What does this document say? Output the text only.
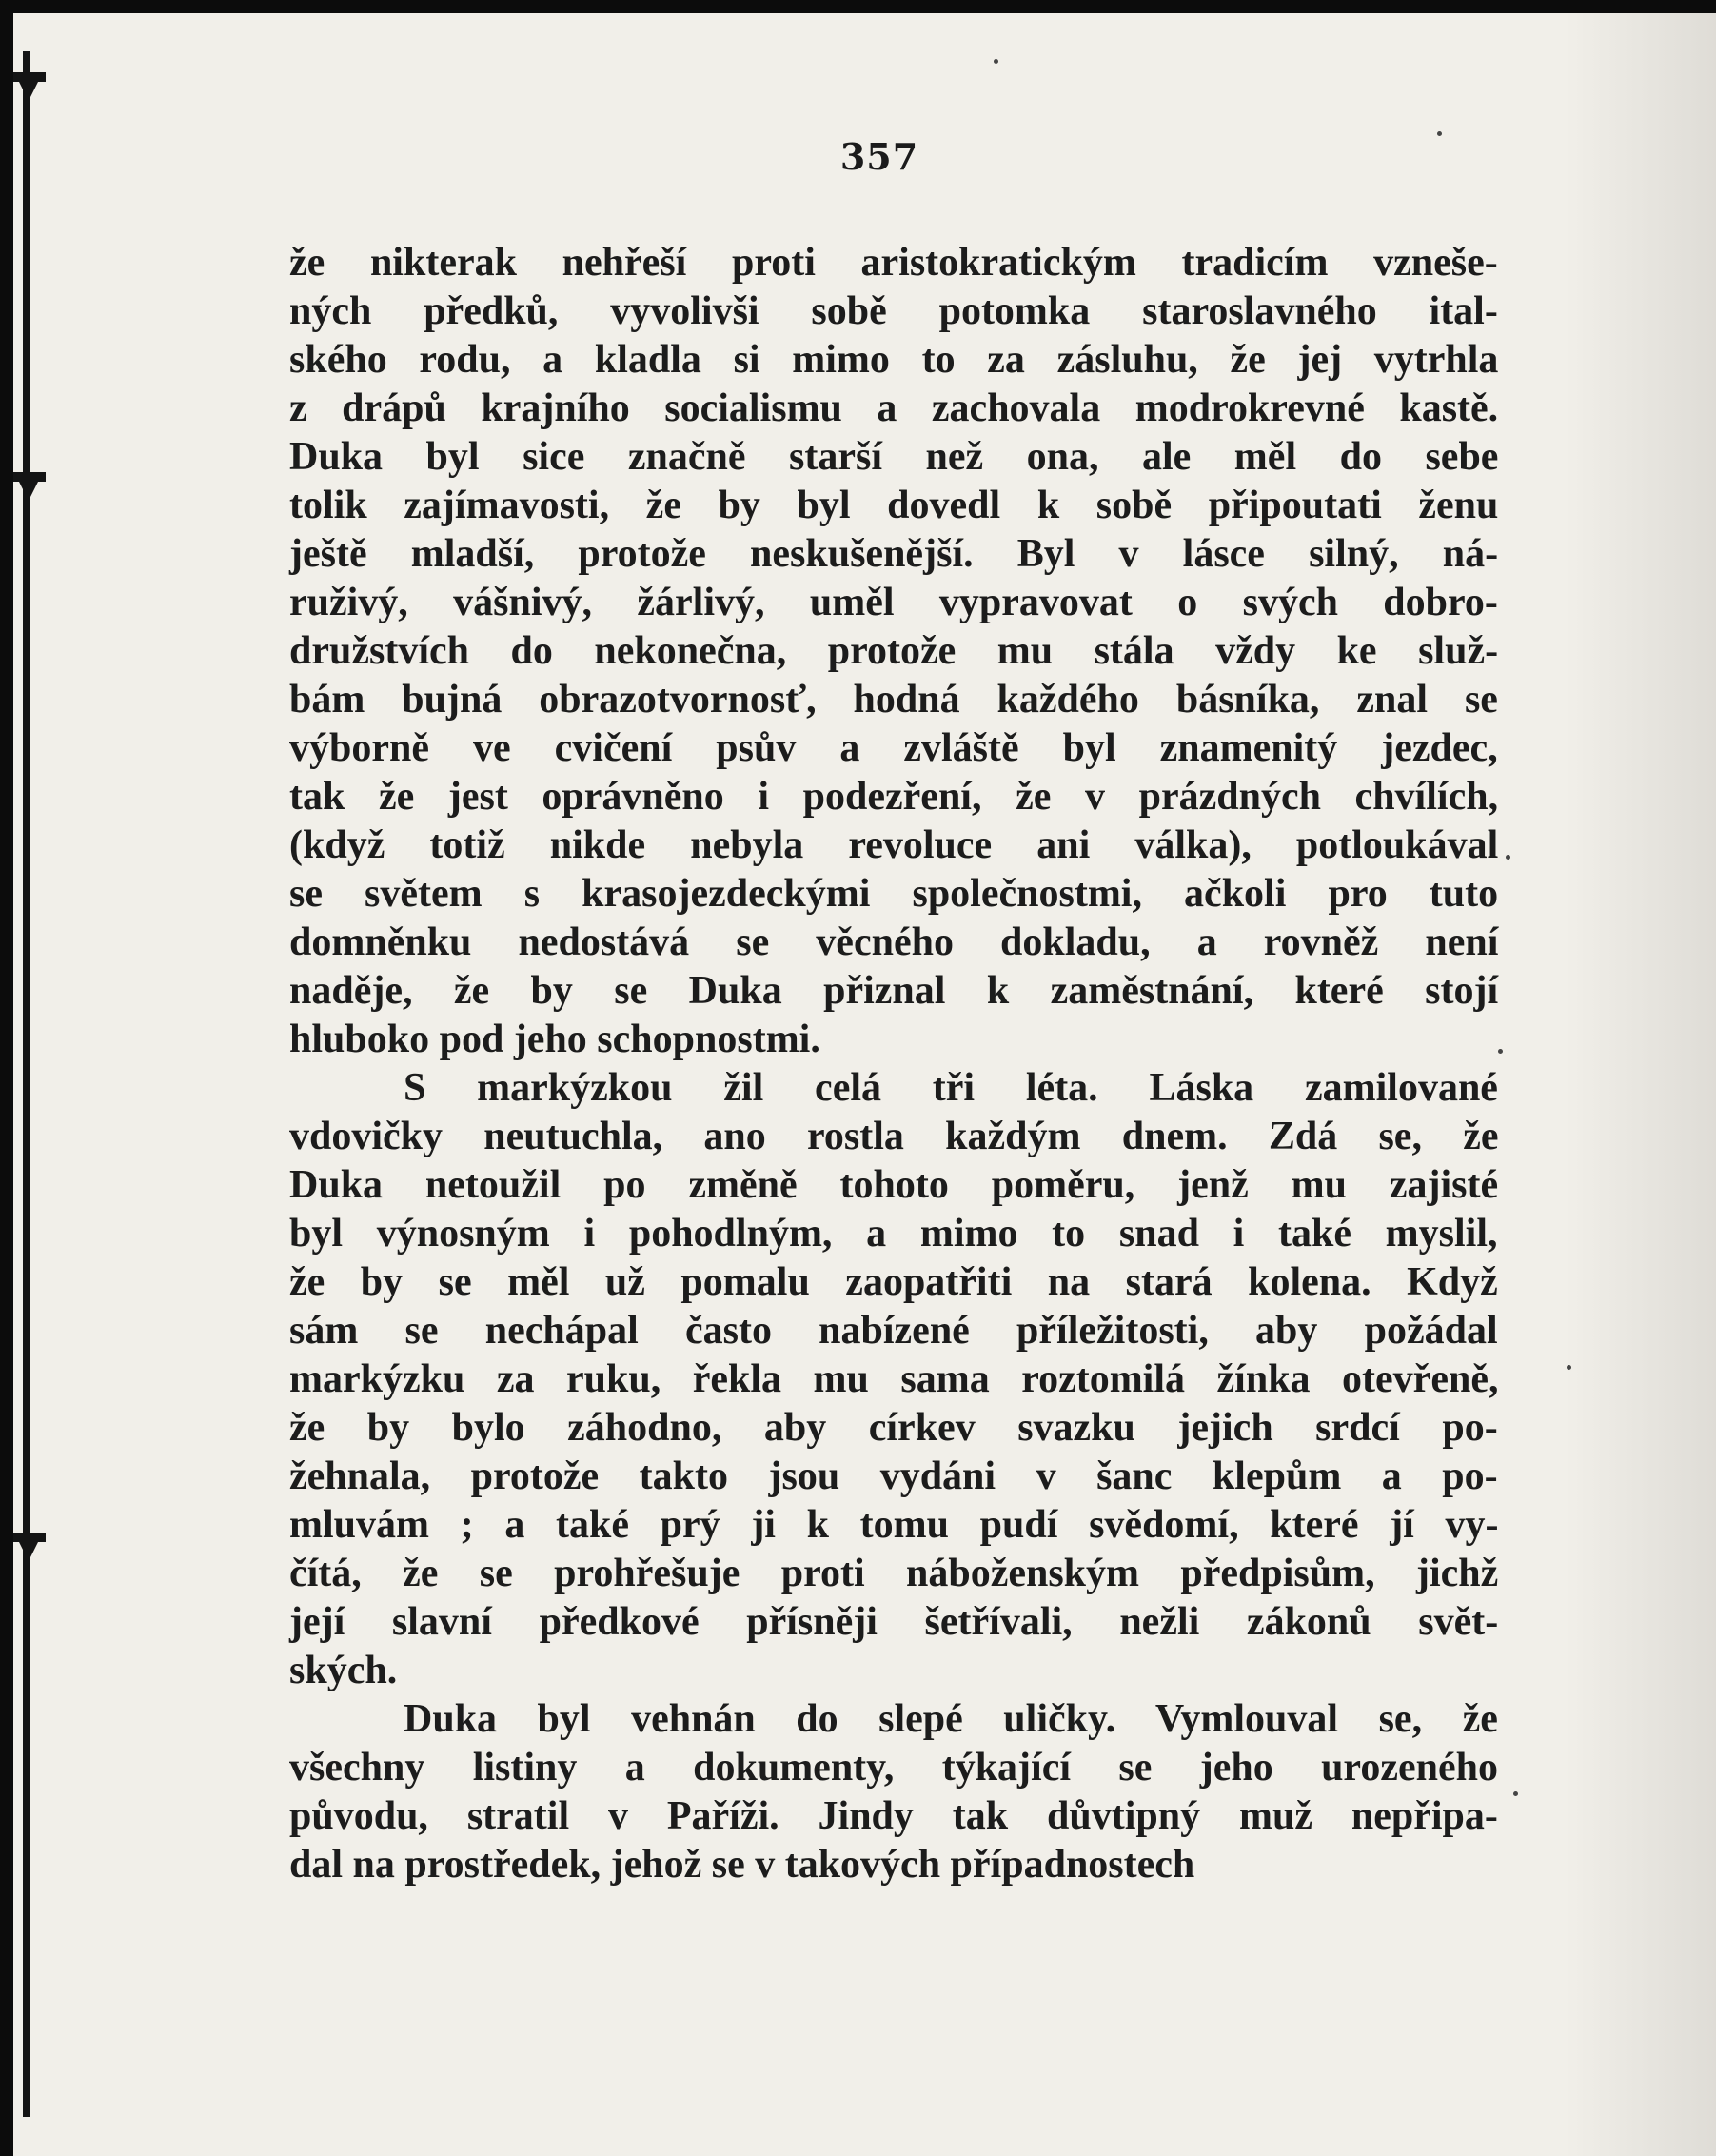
357
že nikterak nehřeší proti aristokratickým tradicím vznešе-
ných předků, vyvolivši sobě potomka staroslavného ital-
ského rodu, a kladla si mimo to za zásluhu, že jej vytrhla
z drápů krajního socialismu a zachovala modrokrevné kastě.
Duka byl sice značně starší než ona, ale měl do sebe
tolik zajímavosti, že by byl dovedl k sobě připoutati ženu
ještě mladší, protože neskušenější. Byl v lásce silný, ná-
ruživý, vášnivý, žárlivý, uměl vypravovat o svých dobro-
družstvích do nekonečna, protože mu stála vždy ke služ-
bám bujná obrazotvornosť, hodná každého básníka, znal se
výborně ve cvičení psův a zvláště byl znamenitý jezdec,
tak že jest oprávněno i podezření, že v prázdných chvílích,
(když totiž nikde nebyla revoluce ani válka), potloukával
se světem s krasojezdeckými společnostmi, ačkoli pro tuto
domněnku nedostává se věcného dokladu, a rovněž není
naděje, že by se Duka přiznal k zaměstnání, které stojí
hluboko pod jeho schopnostmi.
S markýzkou žil celá tři léta. Láska zamilované
vdovičky neutuchla, ano rostla každým dnem. Zdá se, že
Duka netoužil po změně tohoto poměru, jenž mu zajisté
byl výnosným i pohodlným, a mimo to snad i také myslil,
že by se měl už pomalu zaopatřiti na stará kolena. Když
sám se nechápal často nabízené příležitosti, aby požádal
markýzku za ruku, řekla mu sama roztomilá žínka otevřeně,
že by bylo záhodno, aby církev svazku jejich srdcí po-
žehnala, protože takto jsou vydáni v šanc klepům a po-
mluvám ; a také prý ji k tomu pudí svědomí, které jí vy-
čítá, že se prohřešuje proti náboženským předpisům, jichž
její slavní předkové přísněji šetřívali, nežli zákonů svět-
ských.
Duka byl vehnán do slepé uličky. Vymlouval se, že
všechny listiny a dokumenty, týkající se jeho urozeného
původu, stratil v Paříži. Jindy tak důvtipný muž nepřipa-
dal na prostředek, jehož se v takových případnostech
